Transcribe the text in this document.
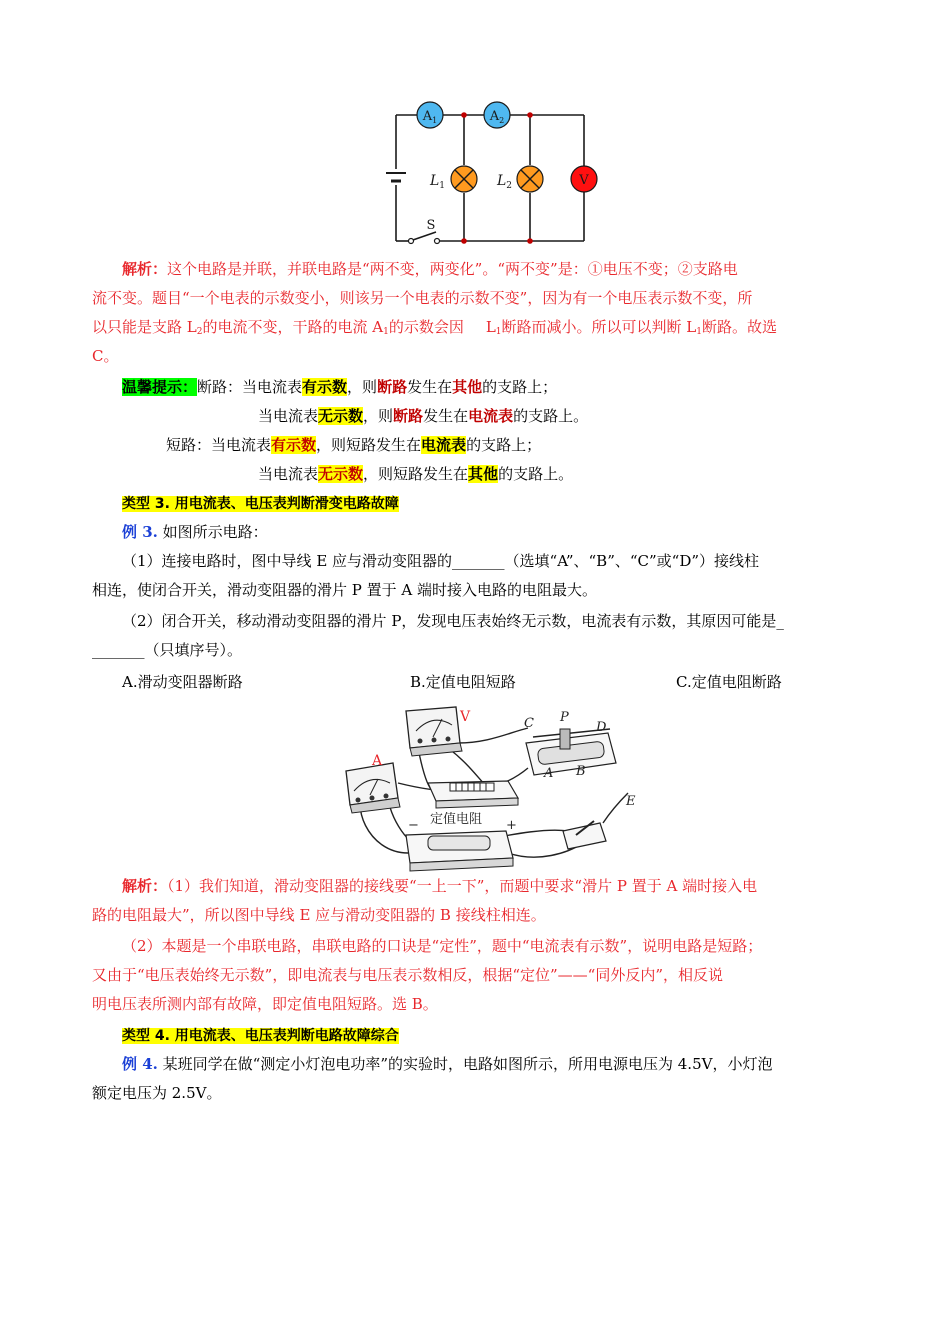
$A_1$	$A_2$
$L_1$	$L_2$	V
S
解析：这个电路是并联，并联电路是“两不变，两变化”。“两不变”是：①电压不变；②支路电
流不变。题目“一个电表的示数变小，则该另一个电表的示数不变”，因为有一个电压表示数不变，所
以只能是支路 $L_2$的电流不变，干路的电流 $A_1$的示数会因 $L_1$断路而减小。所以可以判断 $L_1$断路。故选
C。
温馨提示：断路：当电流表有示数，则断路发生在其他的支路上；
当电流表无示数，则断路发生在电流表的支路上。
短路：当电流表有示数，则短路发生在电流表的支路上；
当电流表无示数，则短路发生在其他的支路上。
类型 3. 用电流表、电压表判断滑变电路故障
例 3. 如图所示电路：
（1）连接电路时，图中导线 E 应与滑动变阻器的_______（选填“A”、“B”、“C”或“D”）接线柱
相连，使闭合开关，滑动变阻器的滑片 P 置于 A 端时接入电路的电阻最大。
（2）闭合开关，移动滑动变阻器的滑片 P，发现电压表始终无示数，电流表有示数，其原因可能是_
_______（只填序号）。
A.滑动变阻器断路	B.定值电阻短路	C.定值电阻断路
V
A
C P
D
A B
定值电阻
−	+
E
解析：（1）我们知道，滑动变阻器的接线要“一上一下”，而题中要求“滑片 P 置于 A 端时接入电
路的电阻最大”，所以图中导线 E 应与滑动变阻器的 B 接线柱相连。
（2）本题是一个串联电路，串联电路的口诀是“定性”，题中“电流表有示数”，说明电路是短路；
又由于“电压表始终无示数”，即电流表与电压表示数相反，根据“定位”——“同外反内”，相反说
明电压表所测内部有故障，即定值电阻短路。选 B。
类型 4. 用电流表、电压表判断电路故障综合
例 4. 某班同学在做“测定小灯泡电功率”的实验时，电路如图所示，所用电源电压为 4.5V，小灯泡
额定电压为 2.5V。
